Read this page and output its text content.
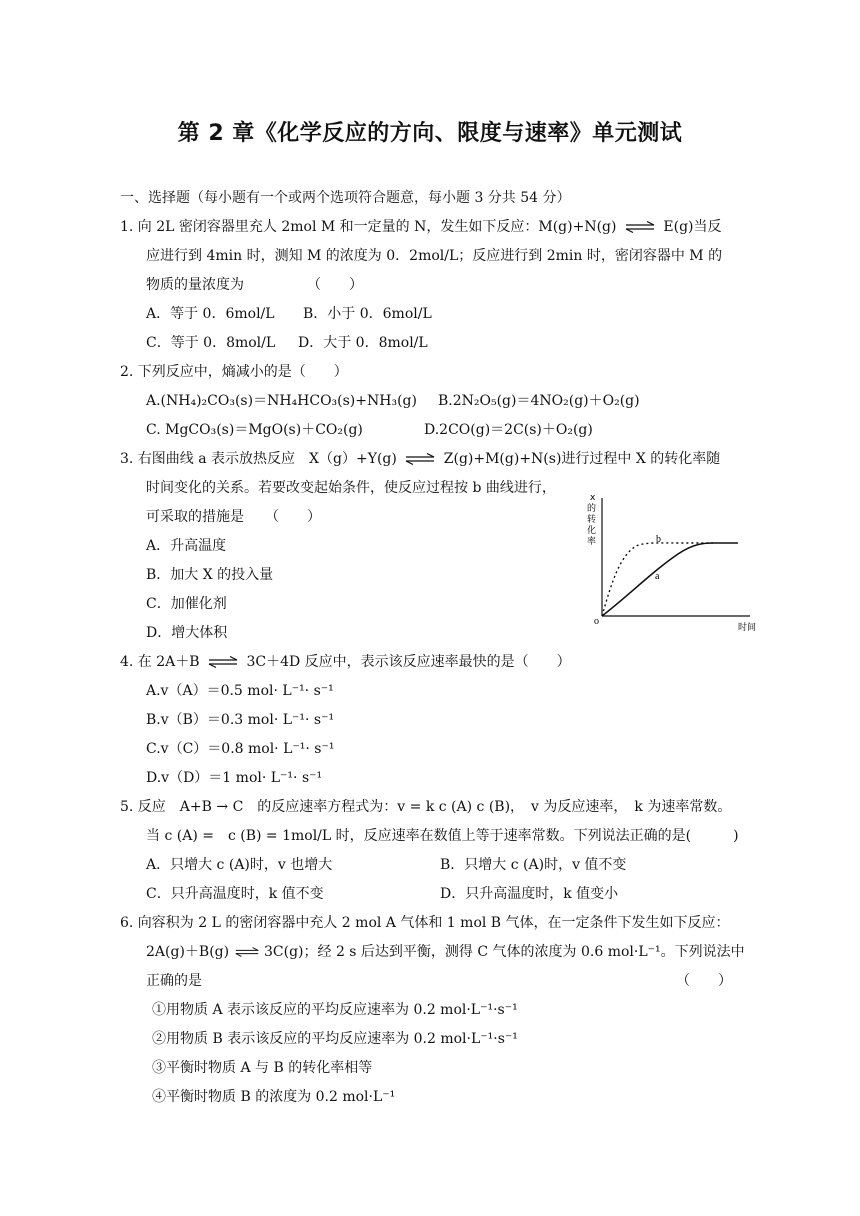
第 2 章《化学反应的方向、限度与速率》单元测试
一、选择题（每小题有一个或两个选项符合题意，每小题 3 分共 54 分）
1. 向 2L 密闭容器里充人 2mol M 和一定量的 N，发生如下反应：M(g)+N(g)	E(g)当反
应进行到 4min 时，测知 M 的浓度为 0．2mol/L；反应进行到 2min 时，密闭容器中 M 的
物质的量浓度为　　　　　（　　）
A．等于 0．6mol/L B．小于 0．6mol/L
C．等于 0．8mol/L D．大于 0．8mol/L
2. 下列反应中，熵减小的是（　　）
A.(NH₄)₂CO₃(s)＝NH₄HCO₃(s)+NH₃(g) B.2N₂O₅(g)＝4NO₂(g)＋O₂(g)
C. MgCO₃(s)＝MgO(s)＋CO₂(g)	D.2CO(g)＝2C(s)＋O₂(g)
3. 右图曲线 a 表示放热反应　X（g）+Y(g)	Z(g)+M(g)+N(s)进行过程中 X 的转化率随
时间变化的关系。若要改变起始条件，使反应过程按 b 曲线进行，
可采取的措施是　　（　　）
A．升高温度
B．加大 X 的投入量
C．加催化剂
D．增大体积
a
b
o
时间
x
的
转
化
率
4. 在 2A＋B	3C＋4D 反应中，表示该反应速率最快的是（　　）
A.v（A）＝0.5 mol· L⁻¹· s⁻¹
B.v（B）＝0.3 mol· L⁻¹· s⁻¹
C.v（C）＝0.8 mol· L⁻¹· s⁻¹
D.v（D）＝1 mol· L⁻¹· s⁻¹
5. 反应　A+B → C　的反应速率方程式为：v = k c (A) c (B)，　v 为反应速率，　k 为速率常数。
当 c (A) =　c (B) = 1mol/L 时，反应速率在数值上等于速率常数。下列说法正确的是(　　　)
A．只增大 c (A)时，v 也增大	B．只增大 c (A)时，v 值不变
C．只升高温度时，k 值不变	D．只升高温度时，k 值变小
6. 向容积为 2 L 的密闭容器中充人 2 mol A 气体和 1 mol B 气体，在一定条件下发生如下反应：
2A(g)＋B(g) 3C(g)；经 2 s 后达到平衡，测得 C 气体的浓度为 0.6 mol·L⁻¹。下列说法中
正确的是	（　　）
①用物质 A 表示该反应的平均反应速率为 0.2 mol·L⁻¹·s⁻¹
②用物质 B 表示该反应的平均反应速率为 0.2 mol·L⁻¹·s⁻¹
③平衡时物质 A 与 B 的转化率相等
④平衡时物质 B 的浓度为 0.2 mol·L⁻¹
